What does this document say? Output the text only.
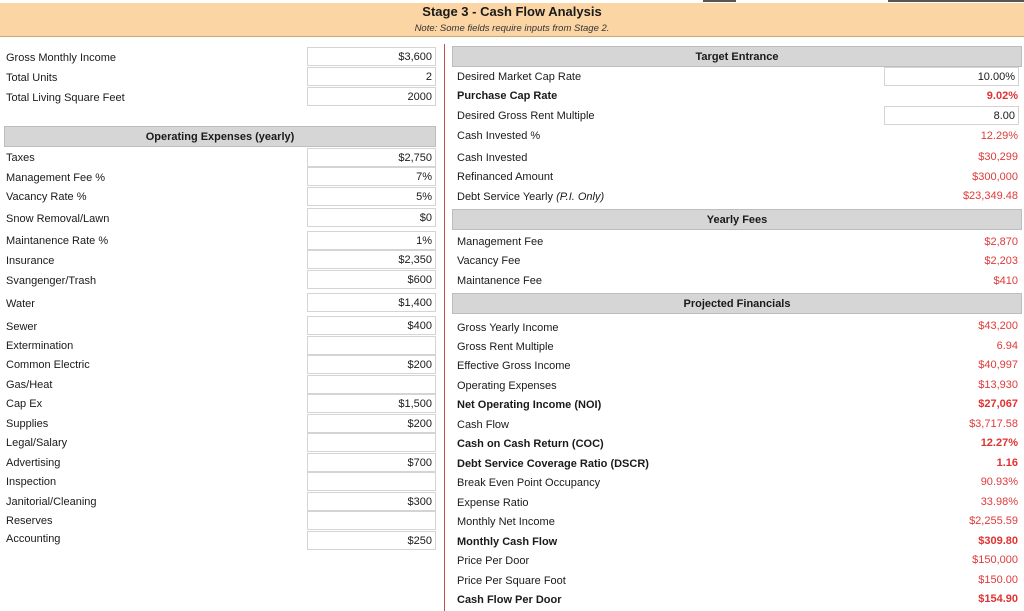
Stage 3 - Cash Flow Analysis
Note: Some fields require inputs from Stage 2.
Gross Monthly Income	$3,600
Total Units	2
Total Living Square Feet	2000
Operating Expenses (yearly)
Taxes	$2,750
Management Fee %	7%
Vacancy Rate %	5%
Snow Removal/Lawn	$0
Maintanence Rate %	1%
Insurance	$2,350
Svangenger/Trash	$600
Water	$1,400
Sewer	$400
Extermination
Common Electric	$200
Gas/Heat
Cap Ex	$1,500
Supplies	$200
Legal/Salary
Advertising	$700
Inspection
Janitorial/Cleaning	$300
Reserves
Accounting	$250
Target Entrance
Desired Market Cap Rate	10.00%
Purchase Cap Rate	9.02%
Desired Gross Rent Multiple	8.00
Cash Invested %	12.29%
Cash Invested	$30,299
Refinanced Amount	$300,000
Debt Service Yearly (P.I. Only)	$23,349.48
Yearly Fees
Management Fee	$2,870
Vacancy Fee	$2,203
Maintanence Fee	$410
Projected Financials
Gross Yearly Income	$43,200
Gross Rent Multiple	6.94
Effective Gross Income	$40,997
Operating Expenses	$13,930
Net Operating Income (NOI)	$27,067
Cash Flow	$3,717.58
Cash on Cash Return (COC)	12.27%
Debt Service Coverage Ratio (DSCR)	1.16
Break Even Point Occupancy	90.93%
Expense Ratio	33.98%
Monthly Net Income	$2,255.59
Monthly Cash Flow	$309.80
Price Per Door	$150,000
Price Per Square Foot	$150.00
Cash Flow Per Door	$154.90
